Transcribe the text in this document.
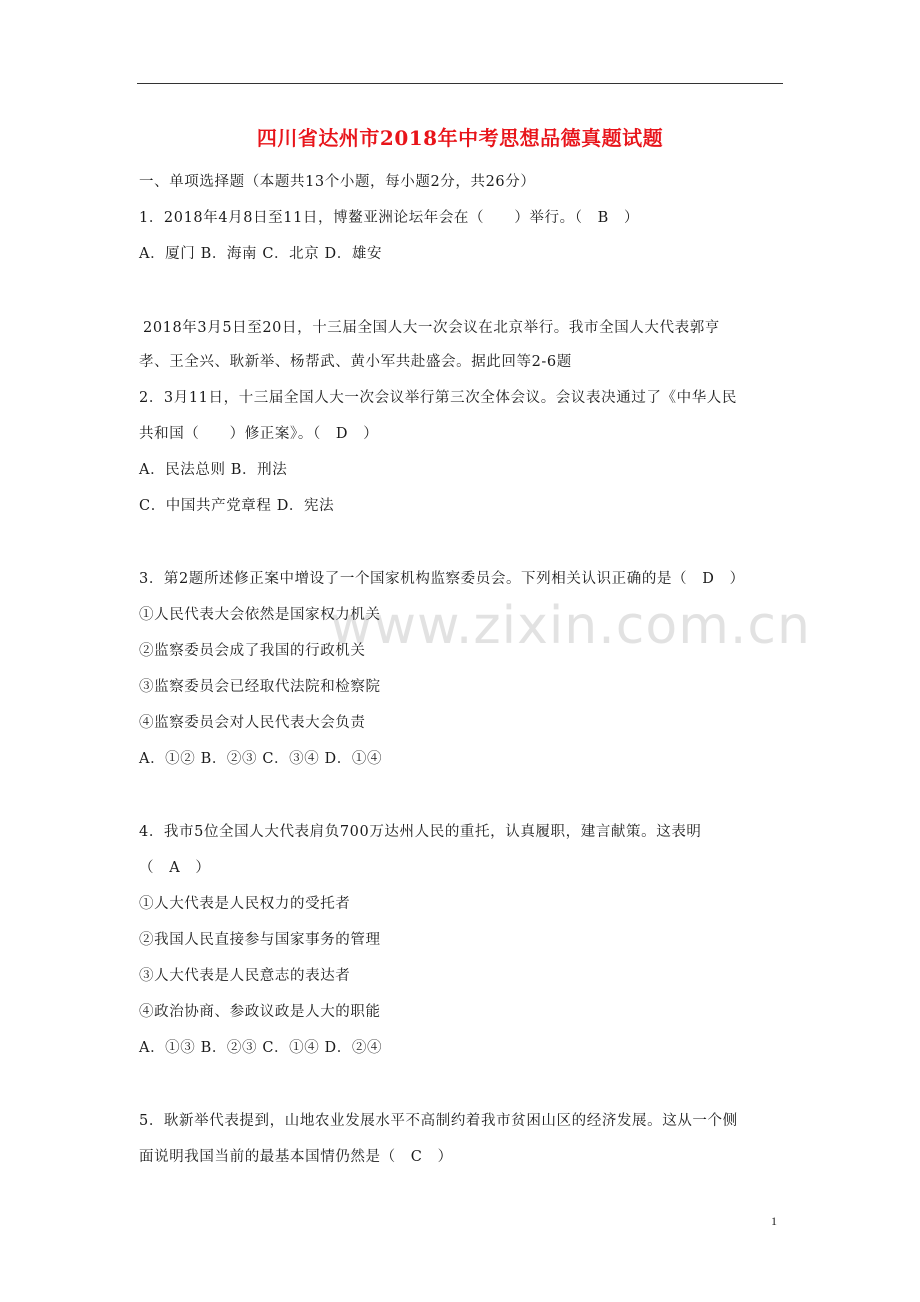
www.zixin.com.cn
四川省达州市2018年中考思想品德真题试题
一、单项选择题（本题共13个小题，每小题2分，共26分）
1．2018年4月8日至11日，博鳌亚洲论坛年会在（　　）举行。（　B　）
A．厦门 B．海南 C．北京 D．雄安
2018年3月5日至20日，十三届全国人大一次会议在北京举行。我市全国人大代表郭亨
孝、王全兴、耿新举、杨帮武、黄小军共赴盛会。据此回等2-6题
2．3月11日，十三届全国人大一次会议举行第三次全体会议。会议表决通过了《中华人民
共和国（　　）修正案》。（　D　）
A．民法总则 B．刑法
C．中国共产党章程 D．宪法
3．第2题所述修正案中增设了一个国家机构监察委员会。下列相关认识正确的是（　D　）
①人民代表大会依然是国家权力机关
②监察委员会成了我国的行政机关
③监察委员会已经取代法院和检察院
④监察委员会对人民代表大会负责
A．①② B．②③ C．③④ D．①④
4．我市5位全国人大代表肩负700万达州人民的重托，认真履职，建言献策。这表明
（　A　）
①人大代表是人民权力的受托者
②我国人民直接参与国家事务的管理
③人大代表是人民意志的表达者
④政治协商、参政议政是人大的职能
A．①③ B．②③ C．①④ D．②④
5．耿新举代表提到，山地农业发展水平不高制约着我市贫困山区的经济发展。这从一个侧
面说明我国当前的最基本国情仍然是（　C　）
1
